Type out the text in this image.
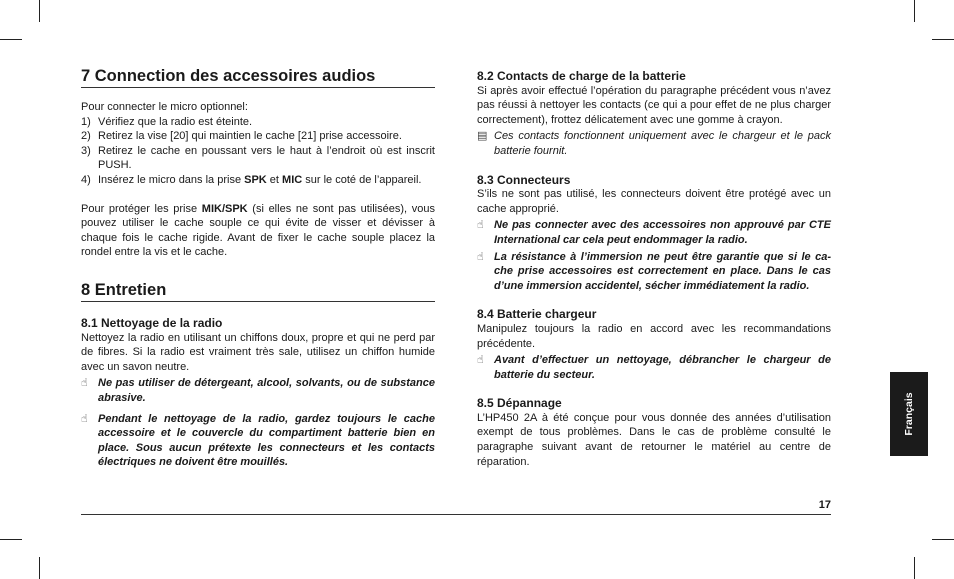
7 Connection des accessoires audios

Pour connecter le micro optionnel:

1) Vérifiez que la radio est éteinte.
2) Retirez la vise [20] qui maintien le cache [21] prise accessoire.
3) Retirez le cache en poussant vers le haut à l’endroit où est inscrit PUSH.
4) Insérez le micro dans la prise SPK et MIC sur le coté de l’appareil.

Pour protéger les prise MIK/SPK (si elles ne sont pas utilisées), vous pouvez utiliser le cache souple ce qui évite de visser et dévisser à chaque fois le cache rigide. Avant de fixer le cache souple placez la rondel entre la vis et le cache.

8 Entretien

8.1 Nettoyage de la radio

Nettoyez la radio en utilisant un chiffons doux, propre et qui ne perd par de fibres. Si la radio est vraiment très sale, utilisez un chiffon humide avec un savon neutre.

☝ Ne pas utiliser de détergeant, alcool, solvants, ou de substance abrasive.
☝ Pendant le nettoyage de la radio, gardez toujours le cache accessoire et le couvercle du compartiment batterie bien en place. Sous aucun prétexte les connecteurs et les contacts électriques ne doivent être mouillés.

8.2 Contacts de charge de la batterie

Si après avoir effectué l’opération du paragraphe précédent vous n’avez pas réussi à nettoyer les contacts (ce qui a pour effet de ne plus charger correctement), frottez délicatement avec une gomme à crayon.

▤ Ces contacts fonctionnent uniquement avec le chargeur et le pack batterie fournit.

8.3 Connecteurs

S’ils ne sont pas utilisé, les connecteurs doivent être protégé avec un cache approprié.

☝ Ne pas connecter avec des accessoires non approuvé par CTE International car cela peut endommager la radio.
☝ La résistance à l’immersion ne peut être garantie que si le ca-che prise accessoires est correctement en place. Dans le cas d’une immersion accidentel, sécher immédiatement la radio.

8.4 Batterie chargeur

Manipulez toujours la radio en accord avec les recommandations précédente.

☝ Avant d’effectuer un nettoyage, débrancher le chargeur de batterie du secteur.

8.5 Dépannage

L’HP450 2A à été conçue pour vous donnée des années d’utilisation exempt de tous problèmes. Dans le cas de problème consulté le paragraphe suivant avant de retourner le matériel au centre de réparation.

Français
17
